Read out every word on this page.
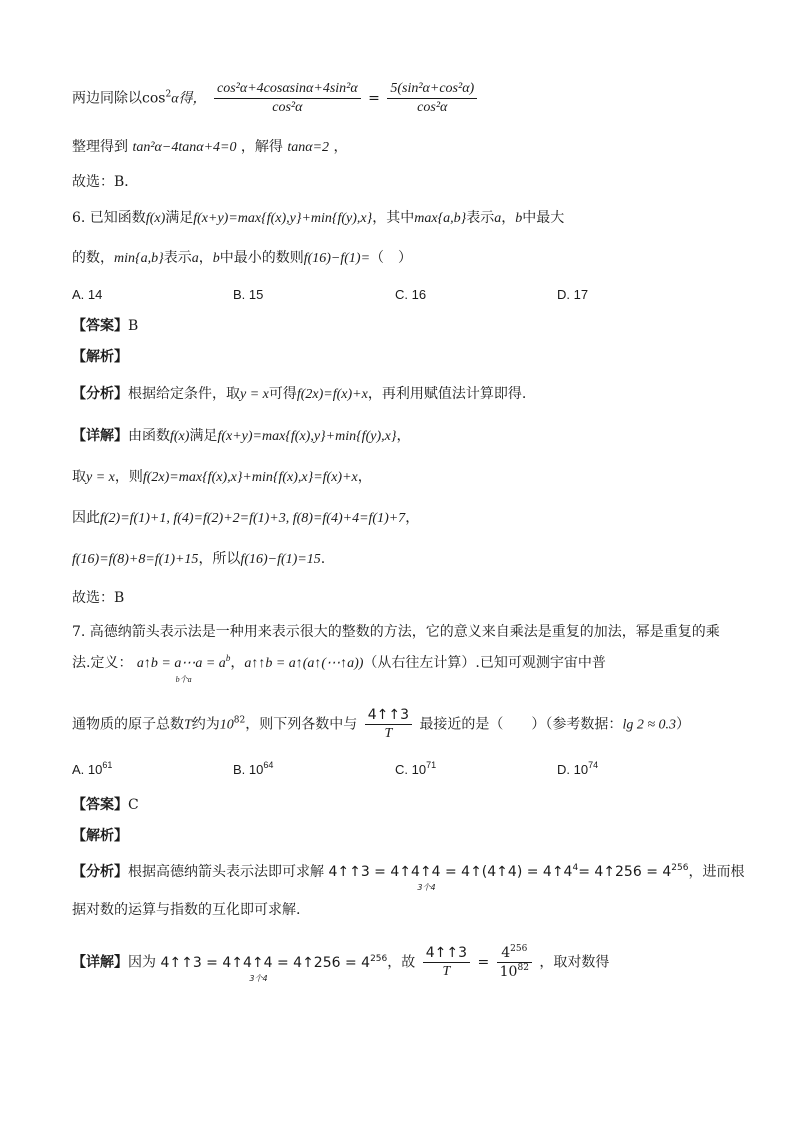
两边同除以$\cos^2\alpha$得， $\frac{\text{cos²α+4cosαsinα+4sin²α}}{\text{cos²α}} = \frac{\text{5(sin²α+cos²α)}}{\text{cos²α}}$
整理得到 tan²α−4tanα+4=0 ，解得 tanα=2 ，
故选：B．
6. 已知函数f(x)满足f(x+y)=max{f(x),y}+min{f(y),x}，其中max{a,b}表示a，b中最大
的数，min{a,b}表示a，b中最小的数则f(16)−f(1)=（　）
A. 14	B. 15	C. 16	D. 17
【答案】B
【解析】
【分析】根据给定条件，取y = x可得f(2x)=f(x)+x，再利用赋值法计算即得.
【详解】由函数f(x)满足f(x+y)=max{f(x),y}+min{f(y),x}，
取y = x，则f(2x)=max{f(x),x}+min{f(x),x}=f(x)+x，
因此f(2)=f(1)+1, f(4)=f(2)+2=f(1)+3, f(8)=f(4)+4=f(1)+7，
f(16)=f(8)+8=f(1)+15，所以f(16)−f(1)=15.
故选：B
7. 高德纳箭头表示法是一种用来表示很大的整数的方法，它的意义来自乘法是重复的加法，幂是重复的乘
法.定义： a↑b = a⋯a = $a^b$
b个a
，a↑↑b = a↑(a↑(⋯↑a))（从右往左计算）.已知可观测宇宙中普
通物质的原子总数T约为$10^{82}$，则下列各数中与 $\frac{4↑↑3}{T}$ 最接近的是（　　）（参考数据：lg 2 ≈ 0.3）
A. $10^{61}$	B. $10^{64}$	C. $10^{71}$	D. $10^{74}$
【答案】C
【解析】
【分析】根据高德纳箭头表示法即可求解 4↑↑3 = 4↑4↑4 = 4↑(4↑4) = $4↑4^4=$ 4↑256 = $4^{256}$
3个4
，进而根
据对数的运算与指数的互化即可求解.
【详解】因为 4↑↑3 = 4↑4↑4 = 4↑256 = $4^{256}$
3个4
，故 $\frac{4↑↑3}{T} = \frac{4^{256}}{10^{82}}$ ，取对数得
